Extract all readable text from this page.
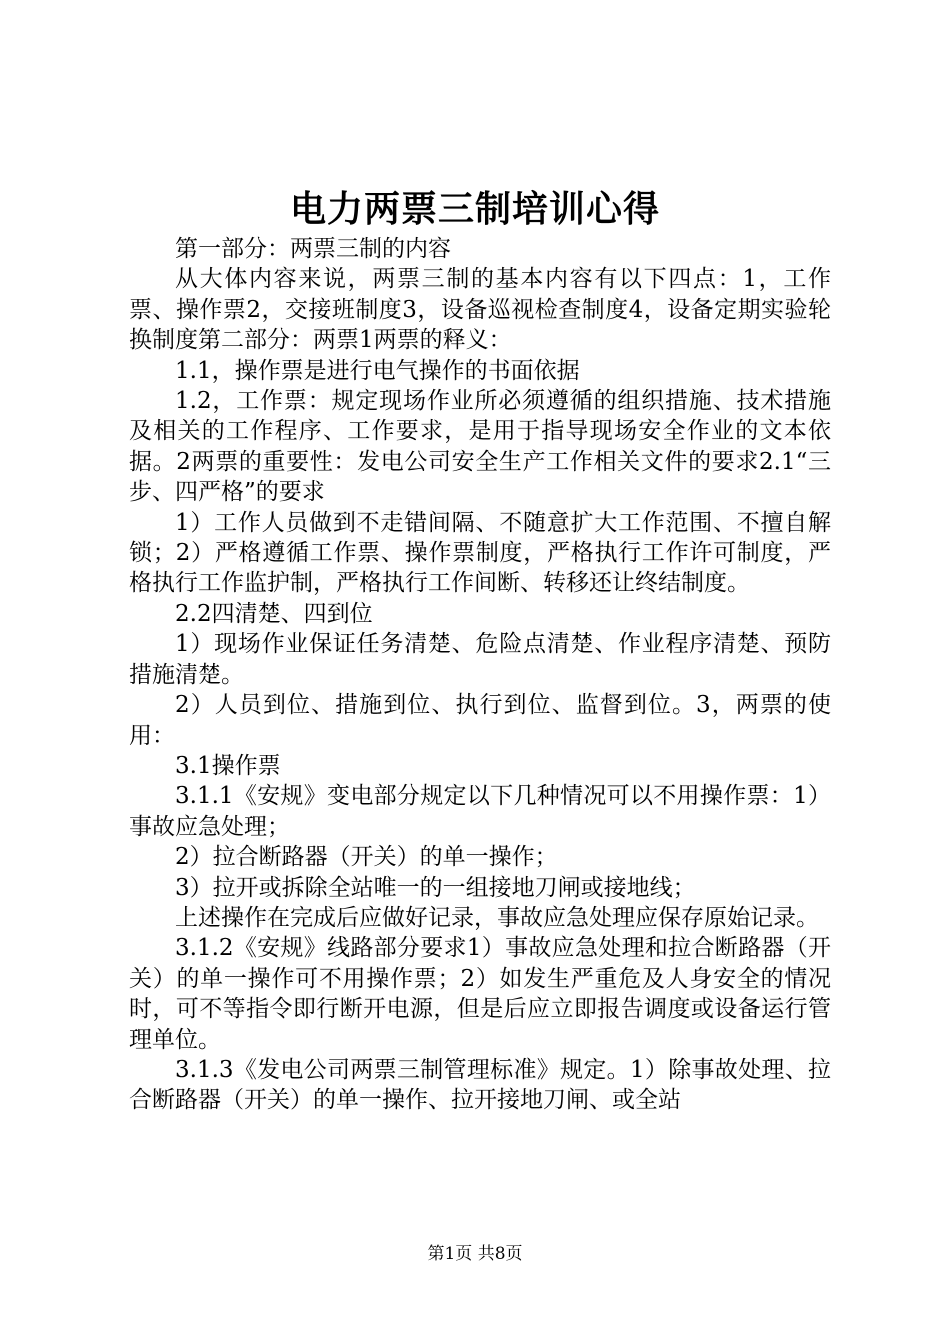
电力两票三制培训心得

第一部分：两票三制的内容

从大体内容来说，两票三制的基本内容有以下四点：1，工作票、操作票2，交接班制度3，设备巡视检查制度4，设备定期实验轮换制度第二部分：两票1两票的释义：

1.1，操作票是进行电气操作的书面依据

1.2，工作票：规定现场作业所必须遵循的组织措施、技术措施及相关的工作程序、工作要求，是用于指导现场安全作业的文本依据。2两票的重要性：发电公司安全生产工作相关文件的要求2.1“三步、四严格”的要求

1）工作人员做到不走错间隔、不随意扩大工作范围、不擅自解锁；2）严格遵循工作票、操作票制度，严格执行工作许可制度，严格执行工作监护制，严格执行工作间断、转移还让终结制度。

2.2四清楚、四到位

1）现场作业保证任务清楚、危险点清楚、作业程序清楚、预防措施清楚。

2）人员到位、措施到位、执行到位、监督到位。3，两票的使用：

3.1操作票

3.1.1《安规》变电部分规定以下几种情况可以不用操作票：1）事故应急处理；

2）拉合断路器（开关）的单一操作；

3）拉开或拆除全站唯一的一组接地刀闸或接地线；

上述操作在完成后应做好记录，事故应急处理应保存原始记录。

3.1.2《安规》线路部分要求1）事故应急处理和拉合断路器（开关）的单一操作可不用操作票；2）如发生严重危及人身安全的情况时，可不等指令即行断开电源，但是后应立即报告调度或设备运行管理单位。

3.1.3《发电公司两票三制管理标准》规定。1）除事故处理、拉合断路器（开关）的单一操作、拉开接地刀闸、或全站

第1页 共8页
